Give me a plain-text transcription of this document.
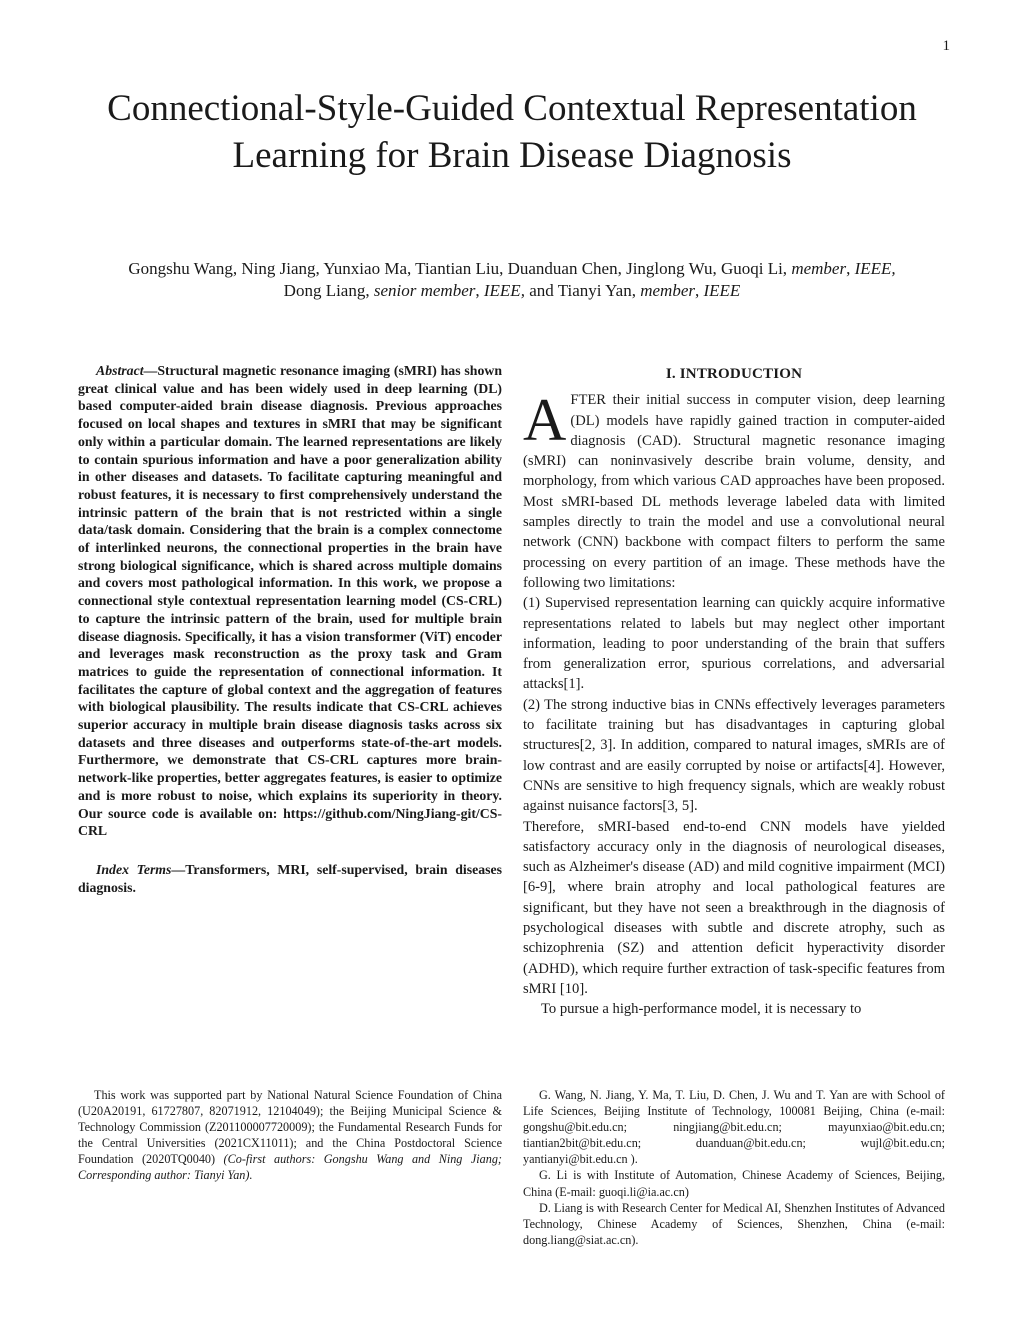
1
Connectional-Style-Guided Contextual Representation Learning for Brain Disease Diagnosis
Gongshu Wang, Ning Jiang, Yunxiao Ma, Tiantian Liu, Duanduan Chen, Jinglong Wu, Guoqi Li, member, IEEE,
Dong Liang, senior member, IEEE, and Tianyi Yan, member, IEEE

Abstract—Structural magnetic resonance imaging (sMRI) has shown great clinical value and has been widely used in deep learning (DL) based computer-aided brain disease diagnosis. Previous approaches focused on local shapes and textures in sMRI that may be significant only within a particular domain. The learned representations are likely to contain spurious information and have a poor generalization ability in other diseases and datasets. To facilitate capturing meaningful and robust features, it is necessary to first comprehensively understand the intrinsic pattern of the brain that is not restricted within a single data/task domain. Considering that the brain is a complex connectome of interlinked neurons, the connectional properties in the brain have strong biological significance, which is shared across multiple domains and covers most pathological information. In this work, we propose a connectional style contextual representation learning model (CS-CRL) to capture the intrinsic pattern of the brain, used for multiple brain disease diagnosis. Specifically, it has a vision transformer (ViT) encoder and leverages mask reconstruction as the proxy task and Gram matrices to guide the representation of connectional information. It facilitates the capture of global context and the aggregation of features with biological plausibility. The results indicate that CS-CRL achieves superior accuracy in multiple brain disease diagnosis tasks across six datasets and three diseases and outperforms state-of-the-art models. Furthermore, we demonstrate that CS-CRL captures more brain-network-like properties, better aggregates features, is easier to optimize and is more robust to noise, which explains its superiority in theory. Our source code is available on: https://github.com/NingJiang-git/CS-CRL

Index Terms—Transformers, MRI, self-supervised, brain diseases diagnosis.

I. INTRODUCTION

AFTER their initial success in computer vision, deep learning (DL) models have rapidly gained traction in computer-aided diagnosis (CAD). Structural magnetic resonance imaging (sMRI) can noninvasively describe brain volume, density, and morphology, from which various CAD approaches have been proposed. Most sMRI-based DL methods leverage labeled data with limited samples directly to train the model and use a convolutional neural network (CNN) backbone with compact filters to perform the same processing on every partition of an image. These methods have the following two limitations:

(1) Supervised representation learning can quickly acquire informative representations related to labels but may neglect other important information, leading to poor understanding of the brain that suffers from generalization error, spurious correlations, and adversarial attacks[1].

(2) The strong inductive bias in CNNs effectively leverages parameters to facilitate training but has disadvantages in capturing global structures[2, 3]. In addition, compared to natural images, sMRIs are of low contrast and are easily corrupted by noise or artifacts[4]. However, CNNs are sensitive to high frequency signals, which are weakly robust against nuisance factors[3, 5].

Therefore, sMRI-based end-to-end CNN models have yielded satisfactory accuracy only in the diagnosis of neurological diseases, such as Alzheimer's disease (AD) and mild cognitive impairment (MCI)[6-9], where brain atrophy and local pathological features are significant, but they have not seen a breakthrough in the diagnosis of psychological diseases with subtle and discrete atrophy, such as schizophrenia (SZ) and attention deficit hyperactivity disorder (ADHD), which require further extraction of task-specific features from sMRI [10].

To pursue a high-performance model, it is necessary to

This work was supported part by National Natural Science Foundation of China (U20A20191, 61727807, 82071912, 12104049); the Beijing Municipal Science & Technology Commission (Z201100007720009); the Fundamental Research Funds for the Central Universities (2021CX11011); and the China Postdoctoral Science Foundation (2020TQ0040) (Co-first authors: Gongshu Wang and Ning Jiang; Corresponding author: Tianyi Yan).

G. Wang, N. Jiang, Y. Ma, T. Liu, D. Chen, J. Wu and T. Yan are with School of Life Sciences, Beijing Institute of Technology, 100081 Beijing, China (e-mail: gongshu@bit.edu.cn; ningjiang@bit.edu.cn; mayunxiao@bit.edu.cn; tiantian2bit@bit.edu.cn; duanduan@bit.edu.cn; wujl@bit.edu.cn; yantianyi@bit.edu.cn ).

G. Li is with Institute of Automation, Chinese Academy of Sciences, Beijing, China (E-mail: guoqi.li@ia.ac.cn)

D. Liang is with Research Center for Medical AI, Shenzhen Institutes of Advanced Technology, Chinese Academy of Sciences, Shenzhen, China (e-mail: dong.liang@siat.ac.cn).
